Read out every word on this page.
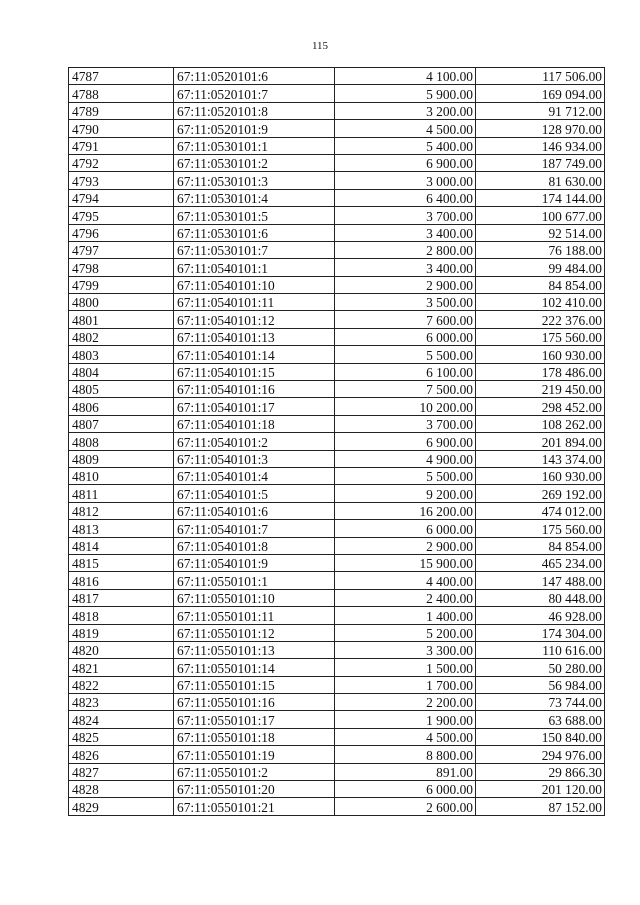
115
4787	67:11:0520101:6	4 100.00	117 506.00
4788	67:11:0520101:7	5 900.00	169 094.00
4789	67:11:0520101:8	3 200.00	91 712.00
4790	67:11:0520101:9	4 500.00	128 970.00
4791	67:11:0530101:1	5 400.00	146 934.00
4792	67:11:0530101:2	6 900.00	187 749.00
4793	67:11:0530101:3	3 000.00	81 630.00
4794	67:11:0530101:4	6 400.00	174 144.00
4795	67:11:0530101:5	3 700.00	100 677.00
4796	67:11:0530101:6	3 400.00	92 514.00
4797	67:11:0530101:7	2 800.00	76 188.00
4798	67:11:0540101:1	3 400.00	99 484.00
4799	67:11:0540101:10	2 900.00	84 854.00
4800	67:11:0540101:11	3 500.00	102 410.00
4801	67:11:0540101:12	7 600.00	222 376.00
4802	67:11:0540101:13	6 000.00	175 560.00
4803	67:11:0540101:14	5 500.00	160 930.00
4804	67:11:0540101:15	6 100.00	178 486.00
4805	67:11:0540101:16	7 500.00	219 450.00
4806	67:11:0540101:17	10 200.00	298 452.00
4807	67:11:0540101:18	3 700.00	108 262.00
4808	67:11:0540101:2	6 900.00	201 894.00
4809	67:11:0540101:3	4 900.00	143 374.00
4810	67:11:0540101:4	5 500.00	160 930.00
4811	67:11:0540101:5	9 200.00	269 192.00
4812	67:11:0540101:6	16 200.00	474 012.00
4813	67:11:0540101:7	6 000.00	175 560.00
4814	67:11:0540101:8	2 900.00	84 854.00
4815	67:11:0540101:9	15 900.00	465 234.00
4816	67:11:0550101:1	4 400.00	147 488.00
4817	67:11:0550101:10	2 400.00	80 448.00
4818	67:11:0550101:11	1 400.00	46 928.00
4819	67:11:0550101:12	5 200.00	174 304.00
4820	67:11:0550101:13	3 300.00	110 616.00
4821	67:11:0550101:14	1 500.00	50 280.00
4822	67:11:0550101:15	1 700.00	56 984.00
4823	67:11:0550101:16	2 200.00	73 744.00
4824	67:11:0550101:17	1 900.00	63 688.00
4825	67:11:0550101:18	4 500.00	150 840.00
4826	67:11:0550101:19	8 800.00	294 976.00
4827	67:11:0550101:2	891.00	29 866.30
4828	67:11:0550101:20	6 000.00	201 120.00
4829	67:11:0550101:21	2 600.00	87 152.00
